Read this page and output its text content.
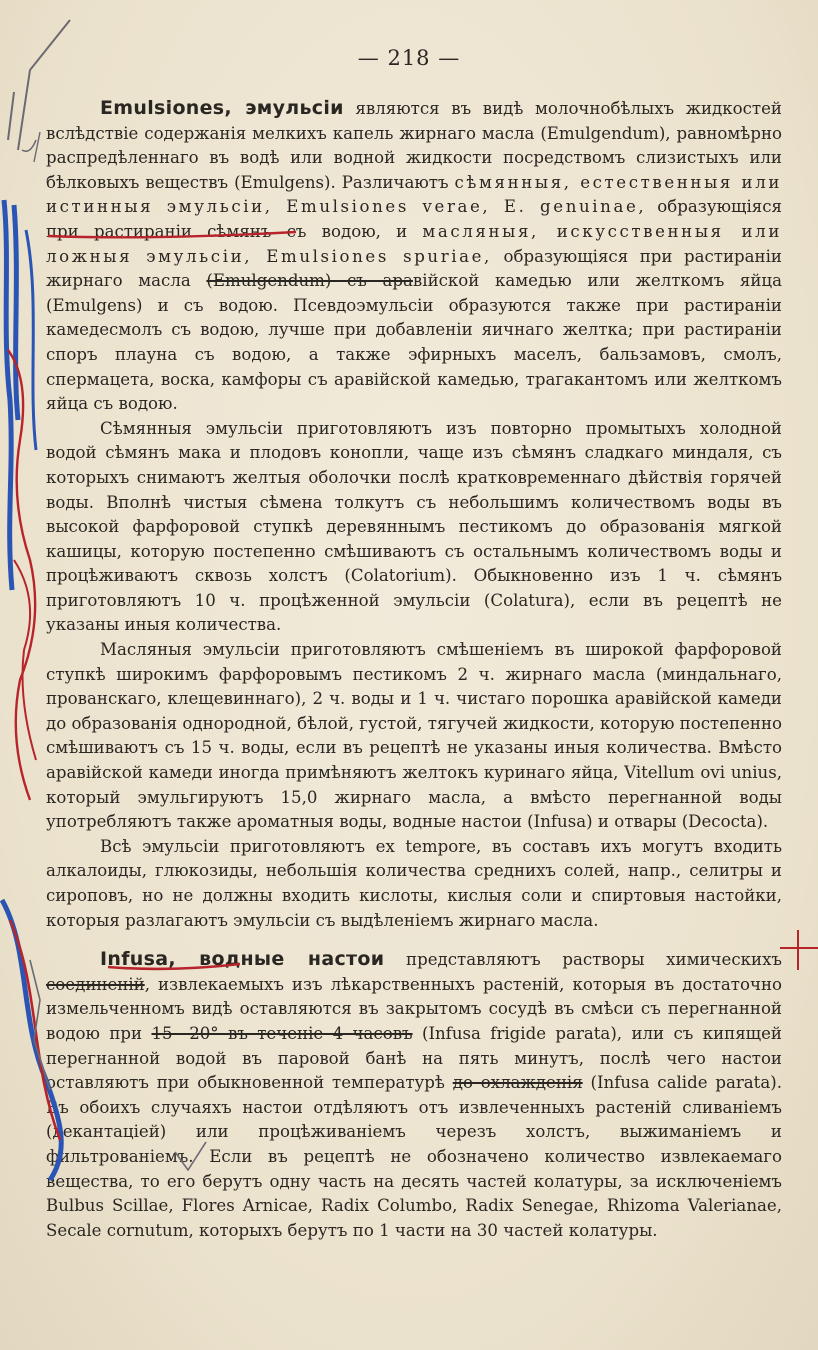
— 218 —

Emulsiones, эмульсіи являются въ видѣ молочнобѣлыхъ жидкостей вслѣдствіе содержанія мелкихъ капель жирнаго масла (Emulgendum), равномѣрно распредѣленнаго въ водѣ или водной жидкости посредствомъ слизистыхъ или бѣлковыхъ веществъ (Emulgens). Различаютъ сѣмянныя, естественныя или истинныя эмульсіи, Emulsiones verae, E. genuinae, образующіяся при растираніи сѣмянъ съ водою, и масляныя, искусственныя или ложныя эмульсіи, Emulsiones spuriae, образующіяся при растираніи жирнаго масла (Emulgendum) съ аравiйской камедью или желткомъ яйца (Emulgens) и съ водою. Псевдоэмульсіи образуются также при растираніи камедесмолъ съ водою, лучше при добавленіи яичнаго желтка; при растираніи споръ плауна съ водою, а также эфирныхъ маселъ, бальзамовъ, смолъ, спермацета, воска, камфоры съ аравійской камедью, трагакантомъ или желткомъ яйца съ водою.

Сѣмянныя эмульсіи приготовляютъ изъ повторно промытыхъ холодной водой сѣмянъ мака и плодовъ конопли, чаще изъ сѣмянъ сладкаго миндаля, съ которыхъ снимаютъ желтыя оболочки послѣ кратковременнаго дѣйствія горячей воды. Вполнѣ чистыя сѣмена толкутъ съ небольшимъ количествомъ воды въ высокой фарфоровой ступкѣ деревяннымъ пестикомъ до образованія мягкой кашицы, которую постепенно смѣшиваютъ съ остальнымъ количествомъ воды и процѣживаютъ сквозь холстъ (Colatorium). Обыкновенно изъ 1 ч. сѣмянъ приготовляютъ 10 ч. процѣженной эмульсіи (Colatura), если въ рецептѣ не указаны иныя количества.

Масляныя эмульсіи приготовляютъ смѣшеніемъ въ широкой фарфоровой ступкѣ широкимъ фарфоровымъ пестикомъ 2 ч. жирнаго масла (миндальнаго, прованскаго, клещевиннаго), 2 ч. воды и 1 ч. чистаго порошка аравійской камеди до образованія однородной, бѣлой, густой, тягучей жидкости, которую постепенно смѣшиваютъ съ 15 ч. воды, если въ рецептѣ не указаны иныя количества. Вмѣсто аравійской камеди иногда примѣняютъ желтокъ куринаго яйца, Vitellum ovi unius, который эмульгируютъ 15,0 жирнаго масла, а вмѣсто перегнанной воды употребляютъ также ароматныя воды, водные настои (Infusa) и отвары (Decocta).

Всѣ эмульсіи приготовляютъ ex tempore, въ составъ ихъ могутъ входить алкалоиды, глюкозиды, небольшія количества среднихъ солей, напр., селитры и сироповъ, но не должны входить кислоты, кислыя соли и спиртовыя настойки, которыя разлагаютъ эмульсіи съ выдѣленіемъ жирнаго масла.

Infusa, водные настои представляютъ растворы химическихъ соединеній, извлекаемыхъ изъ лѣкарственныхъ растеній, которыя въ достаточно измельченномъ видѣ оставляются въ закрытомъ сосудѣ въ смѣси съ перегнанной водою при 15—20° въ теченіе 4 часовъ (Infusa frigide parata), или съ кипящей перегнанной водой въ паровой банѣ на пять минутъ, послѣ чего настои оставляютъ при обыкновенной температурѣ до охлажденія (Infusa calide parata). Въ обоихъ случаяхъ настои отдѣляютъ отъ извлеченныхъ растеній сливаніемъ (декантаціей) или процѣживаніемъ черезъ холстъ, выжиманіемъ и фильтрованіемъ. Если въ рецептѣ не обозначено количество извлекаемаго вещества, то его берутъ одну часть на десять частей колатуры, за исключеніемъ Bulbus Scillae, Flores Arnicae, Radix Columbo, Radix Senegae, Rhizoma Valerianae, Secale cornutum, которыхъ берутъ по 1 части на 30 частей колатуры.
